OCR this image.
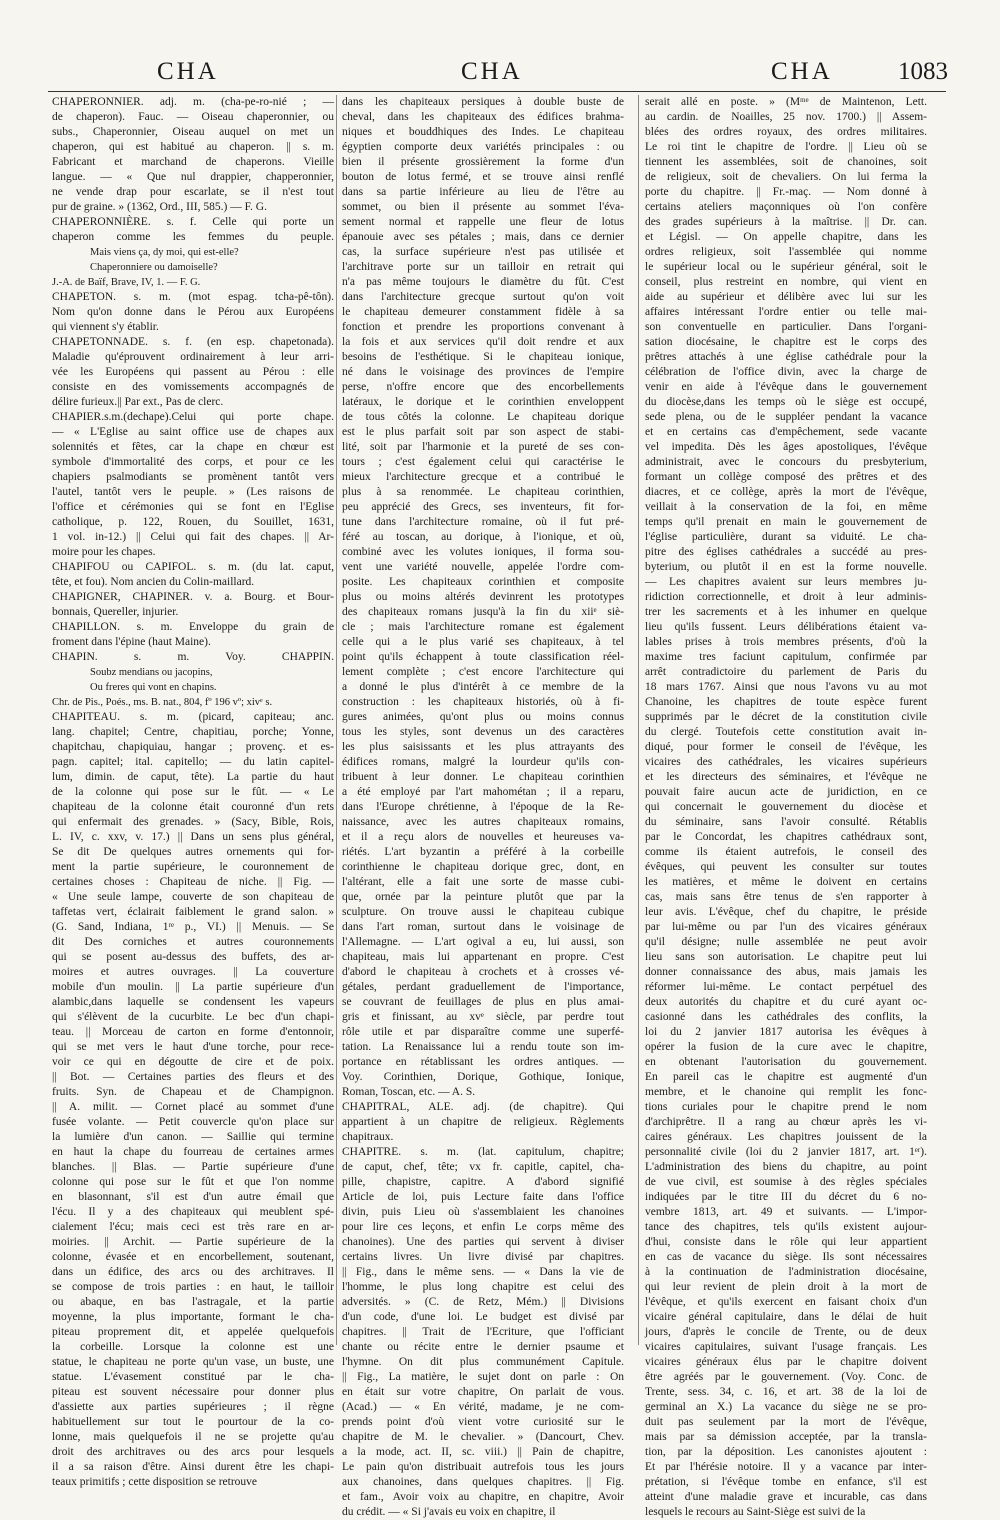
CHA	CHA	CHA	1083
CHAPERONNIER. adj. m. (cha-pe-ro-nié ; —
de chaperon). Fauc. — Oiseau chaperonnier, ou
subs., Chaperonnier, Oiseau auquel on met un
chaperon, qui est habitué au chaperon. || s. m.
Fabricant et marchand de chaperons. Vieille
langue. — « Que nul drappier, chapperonnier,
ne vende drap pour escarlate, se il n'est tout
pur de graine. » (1362, Ord., III, 585.) — F. G.
CHAPERONNIÈRE. s. f. Celle qui porte un
chaperon comme les femmes du peuple.
Mais viens ça, dy moi, qui est-elle?
Chaperonniere ou damoiselle?
J.-A. de Baïf, Brave, IV, 1. — F. G.
CHAPETON. s. m. (mot espag. tcha-pê-tôn).
Nom qu'on donne dans le Pérou aux Européens
qui viennent s'y établir.
CHAPETONNADE. s. f. (en esp. chapetonada).
Maladie qu'éprouvent ordinairement à leur arri-
vée les Européens qui passent au Pérou : elle
consiste en des vomissements accompagnés de
délire furieux.|| Par ext., Pas de clerc.
CHAPIER.s.m.(dechape).Celui qui porte chape.
— « L'Eglise au saint office use de chapes aux
solennités et fêtes, car la chape en chœur est
symbole d'immortalité des corps, et pour ce les
chapiers psalmodiants se promènent tantôt vers
l'autel, tantôt vers le peuple. » (Les raisons de
l'office et cérémonies qui se font en l'Eglise
catholique, p. 122, Rouen, du Souillet, 1631,
1 vol. in-12.) || Celui qui fait des chapes. || Ar-
moire pour les chapes.
CHAPIFOU ou CAPIFOL. s. m. (du lat. caput,
tête, et fou). Nom ancien du Colin-maillard.
CHAPIGNER, CHAPINER. v. a. Bourg. et Bour-
bonnais, Quereller, injurier.
CHAPILLON. s. m. Enveloppe du grain de
froment dans l'épine (haut Maine).
CHAPIN. s. m. Voy. CHAPPIN.
Soubz mendians ou jacopins,
Ou freres qui vont en chapins.
Chr. de Pis., Poés., ms. B. nat., 804, fº 196 vº; xivᵉ s.
CHAPITEAU. s. m. (picard, capiteau; anc.
lang. chapitel; Centre, chapitiau, porche; Yonne,
chapitchau, chapiquiau, hangar ; provenç. et es-
pagn. capitel; ital. capitello; — du latin capitel-
lum, dimin. de caput, tête). La partie du haut
de la colonne qui pose sur le fût. — « Le
chapiteau de la colonne était couronné d'un rets
qui enfermait des grenades. » (Sacy, Bible, Rois,
L. IV, c. xxv, v. 17.) || Dans un sens plus général,
Se dit De quelques autres ornements qui for-
ment la partie supérieure, le couronnement de
certaines choses : Chapiteau de niche. || Fig. —
« Une seule lampe, couverte de son chapiteau de
taffetas vert, éclairait faiblement le grand salon. »
(G. Sand, Indiana, 1ʳᵉ p., VI.) || Menuis. — Se
dit Des corniches et autres couronnements
qui se posent au-dessus des buffets, des ar-
moires et autres ouvrages. || La couverture
mobile d'un moulin. || La partie supérieure d'un
alambic,dans laquelle se condensent les vapeurs
qui s'élèvent de la cucurbite. Le bec d'un chapi-
teau. || Morceau de carton en forme d'entonnoir,
qui se met vers le haut d'une torche, pour rece-
voir ce qui en dégoutte de cire et de poix.
|| Bot. — Certaines parties des fleurs et des
fruits. Syn. de Chapeau et de Champignon.
|| A. milit. — Cornet placé au sommet d'une
fusée volante. — Petit couvercle qu'on place sur
la lumière d'un canon. — Saillie qui termine
en haut la chape du fourreau de certaines armes
blanches. || Blas. — Partie supérieure d'une
colonne qui pose sur le fût et que l'on nomme
en blasonnant, s'il est d'un autre émail que
l'écu. Il y a des chapiteaux qui meublent spé-
cialement l'écu; mais ceci est très rare en ar-
moiries. || Archit. — Partie supérieure de la
colonne, évasée et en encorbellement, soutenant,
dans un édifice, des arcs ou des architraves. Il
se compose de trois parties : en haut, le tailloir
ou abaque, en bas l'astragale, et la partie
moyenne, la plus importante, formant le cha-
piteau proprement dit, et appelée quelquefois
la corbeille. Lorsque la colonne est une
statue, le chapiteau ne porte qu'un vase, un buste, une
statue. L'évasement constitué par le cha-
piteau est souvent nécessaire pour donner plus
d'assiette aux parties supérieures ; il règne
habituellement sur tout le pourtour de la co-
lonne, mais quelquefois il ne se projette qu'au
droit des architraves ou des arcs pour lesquels
il a sa raison d'être. Ainsi durent être les chapi-
teaux primitifs ; cette disposition se retrouve
dans les chapiteaux persiques à double buste de
cheval, dans les chapiteaux des édifices brahma-
niques et bouddhiques des Indes. Le chapiteau
égyptien comporte deux variétés principales : ou
bien il présente grossièrement la forme d'un
bouton de lotus fermé, et se trouve ainsi renflé
dans sa partie inférieure au lieu de l'être au
sommet, ou bien il présente au sommet l'éva-
sement normal et rappelle une fleur de lotus
épanouie avec ses pétales ; mais, dans ce dernier
cas, la surface supérieure n'est pas utilisée et
l'architrave porte sur un tailloir en retrait qui
n'a pas même toujours le diamètre du fût. C'est
dans l'architecture grecque surtout qu'on voit
le chapiteau demeurer constamment fidèle à sa
fonction et prendre les proportions convenant à
la fois et aux services qu'il doit rendre et aux
besoins de l'esthétique. Si le chapiteau ionique,
né dans le voisinage des provinces de l'empire
perse, n'offre encore que des encorbellements
latéraux, le dorique et le corinthien enveloppent
de tous côtés la colonne. Le chapiteau dorique
est le plus parfait soit par son aspect de stabi-
lité, soit par l'harmonie et la pureté de ses con-
tours ; c'est également celui qui caractérise le
mieux l'architecture grecque et a contribué le
plus à sa renommée. Le chapiteau corinthien,
peu apprécié des Grecs, ses inventeurs, fit for-
tune dans l'architecture romaine, où il fut pré-
féré au toscan, au dorique, à l'ionique, et où,
combiné avec les volutes ioniques, il forma sou-
vent une variété nouvelle, appelée l'ordre com-
posite. Les chapiteaux corinthien et composite
plus ou moins altérés devinrent les prototypes
des chapiteaux romans jusqu'à la fin du xiiᵉ siè-
cle ; mais l'architecture romane est également
celle qui a le plus varié ses chapiteaux, à tel
point qu'ils échappent à toute classification réel-
lement complète ; c'est encore l'architecture qui
a donné le plus d'intérêt à ce membre de la
construction : les chapiteaux historiés, où à fi-
gures animées, qu'ont plus ou moins connus
tous les styles, sont devenus un des caractères
les plus saisissants et les plus attrayants des
édifices romans, malgré la lourdeur qu'ils con-
tribuent à leur donner. Le chapiteau corinthien
a été employé par l'art mahométan ; il a reparu,
dans l'Europe chrétienne, à l'époque de la Re-
naissance, avec les autres chapiteaux romains,
et il a reçu alors de nouvelles et heureuses va-
riétés. L'art byzantin a préféré à la corbeille
corinthienne le chapiteau dorique grec, dont, en
l'altérant, elle a fait une sorte de masse cubi-
que, ornée par la peinture plutôt que par la
sculpture. On trouve aussi le chapiteau cubique
dans l'art roman, surtout dans le voisinage de
l'Allemagne. — L'art ogival a eu, lui aussi, son
chapiteau, mais lui appartenant en propre. C'est
d'abord le chapiteau à crochets et à crosses vé-
gétales, perdant graduellement de l'importance,
se couvrant de feuillages de plus en plus amai-
gris et finissant, au xvᵉ siècle, par perdre tout
rôle utile et par disparaître comme une superfé-
tation. La Renaissance lui a rendu toute son im-
portance en rétablissant les ordres antiques. —
Voy. Corinthien, Dorique, Gothique, Ionique,
Roman, Toscan, etc. — A. S.
CHAPITRAL, ALE. adj. (de chapitre). Qui
appartient à un chapitre de religieux. Règlements
chapitraux.
CHAPITRE. s. m. (lat. capitulum, chapitre;
de caput, chef, tête; vx fr. capitle, capitel, cha-
pille, chapistre, capitre. A d'abord signifié
Article de loi, puis Lecture faite dans l'office
divin, puis Lieu où s'assemblaient les chanoines
pour lire ces leçons, et enfin Le corps même des
chanoines). Une des parties qui servent à diviser
certains livres. Un livre divisé par chapitres.
|| Fig., dans le même sens. — « Dans la vie de
l'homme, le plus long chapitre est celui des
adversités. » (C. de Retz, Mém.) || Divisions
d'un code, d'une loi. Le budget est divisé par
chapitres. || Trait de l'Ecriture, que l'officiant
chante ou récite entre le dernier psaume et
l'hymne. On dit plus communément Capitule.
|| Fig., La matière, le sujet dont on parle : On
en était sur votre chapitre, On parlait de vous.
(Acad.) — « En vérité, madame, je ne com-
prends point d'où vient votre curiosité sur le
chapitre de M. le chevalier. » (Dancourt, Chev.
a la mode, act. II, sc. viii.) || Pain de chapitre,
Le pain qu'on distribuait autrefois tous les jours
aux chanoines, dans quelques chapitres. || Fig.
et fam., Avoir voix au chapitre, en chapitre, Avoir
du crédit. — « Si j'avais eu voix en chapitre, il
serait allé en poste. » (Mᵐᵉ de Maintenon, Lett.
au cardin. de Noailles, 25 nov. 1700.) || Assem-
blées des ordres royaux, des ordres militaires.
Le roi tint le chapitre de l'ordre. || Lieu où se
tiennent les assemblées, soit de chanoines, soit
de religieux, soit de chevaliers. On lui ferma la
porte du chapitre. || Fr.-maç. — Nom donné à
certains ateliers maçonniques où l'on confère
des grades supérieurs à la maîtrise. || Dr. can.
et Législ. — On appelle chapitre, dans les
ordres religieux, soit l'assemblée qui nomme
le supérieur local ou le supérieur général, soit le
conseil, plus restreint en nombre, qui vient en
aide au supérieur et délibère avec lui sur les
affaires intéressant l'ordre entier ou telle mai-
son conventuelle en particulier. Dans l'organi-
sation diocésaine, le chapitre est le corps des
prêtres attachés à une église cathédrale pour la
célébration de l'office divin, avec la charge de
venir en aide à l'évêque dans le gouvernement
du diocèse,dans les temps où le siège est occupé,
sede plena, ou de le suppléer pendant la vacance
et en certains cas d'empêchement, sede vacante
vel impedita. Dès les âges apostoliques, l'évêque
administrait, avec le concours du presbyterium,
formant un collège composé des prêtres et des
diacres, et ce collège, après la mort de l'évêque,
veillait à la conservation de la foi, en même
temps qu'il prenait en main le gouvernement de
l'église particulière, durant sa viduité. Le cha-
pitre des églises cathédrales a succédé au pres-
byterium, ou plutôt il en est la forme nouvelle.
— Les chapitres avaient sur leurs membres ju-
ridiction correctionnelle, et droit à leur adminis-
trer les sacrements et à les inhumer en quelque
lieu qu'ils fussent. Leurs délibérations étaient va-
lables prises à trois membres présents, d'où la
maxime tres faciunt capitulum, confirmée par
arrêt contradictoire du parlement de Paris du
18 mars 1767. Ainsi que nous l'avons vu au mot
Chanoine, les chapitres de toute espèce furent
supprimés par le décret de la constitution civile
du clergé. Toutefois cette constitution avait in-
diqué, pour former le conseil de l'évêque, les
vicaires des cathédrales, les vicaires supérieurs
et les directeurs des séminaires, et l'évêque ne
pouvait faire aucun acte de juridiction, en ce
qui concernait le gouvernement du diocèse et
du séminaire, sans l'avoir consulté. Rétablis
par le Concordat, les chapitres cathédraux sont,
comme ils étaient autrefois, le conseil des
évêques, qui peuvent les consulter sur toutes
les matières, et même le doivent en certains
cas, mais sans être tenus de s'en rapporter à
leur avis. L'évêque, chef du chapitre, le préside
par lui-même ou par l'un des vicaires généraux
qu'il désigne; nulle assemblée ne peut avoir
lieu sans son autorisation. Le chapitre peut lui
donner connaissance des abus, mais jamais les
réformer lui-même. Le contact perpétuel des
deux autorités du chapitre et du curé ayant oc-
casionné dans les cathédrales des conflits, la
loi du 2 janvier 1817 autorisa les évêques à
opérer la fusion de la cure avec le chapitre,
en obtenant l'autorisation du gouvernement.
En pareil cas le chapitre est augmenté d'un
membre, et le chanoine qui remplit les fonc-
tions curiales pour le chapitre prend le nom
d'archiprêtre. Il a rang au chœur après les vi-
caires généraux. Les chapitres jouissent de la
personnalité civile (loi du 2 janvier 1817, art. 1ᵉʳ).
L'administration des biens du chapitre, au point
de vue civil, est soumise à des règles spéciales
indiquées par le titre III du décret du 6 no-
vembre 1813, art. 49 et suivants. — L'impor-
tance des chapitres, tels qu'ils existent aujour-
d'hui, consiste dans le rôle qui leur appartient
en cas de vacance du siège. Ils sont nécessaires
à la continuation de l'administration diocésaine,
qui leur revient de plein droit à la mort de
l'évêque, et qu'ils exercent en faisant choix d'un
vicaire général capitulaire, dans le délai de huit
jours, d'après le concile de Trente, ou de deux
vicaires capitulaires, suivant l'usage français. Les
vicaires généraux élus par le chapitre doivent
être agréés par le gouvernement. (Voy. Conc. de
Trente, sess. 34, c. 16, et art. 38 de la loi de
germinal an X.) La vacance du siège ne se pro-
duit pas seulement par la mort de l'évêque,
mais par sa démission acceptée, par la transla-
tion, par la déposition. Les canonistes ajoutent :
Et par l'hérésie notoire. Il y a vacance par inter-
prétation, si l'évêque tombe en enfance, s'il est
atteint d'une maladie grave et incurable, cas dans
lesquels le recours au Saint-Siège est suivi de la
